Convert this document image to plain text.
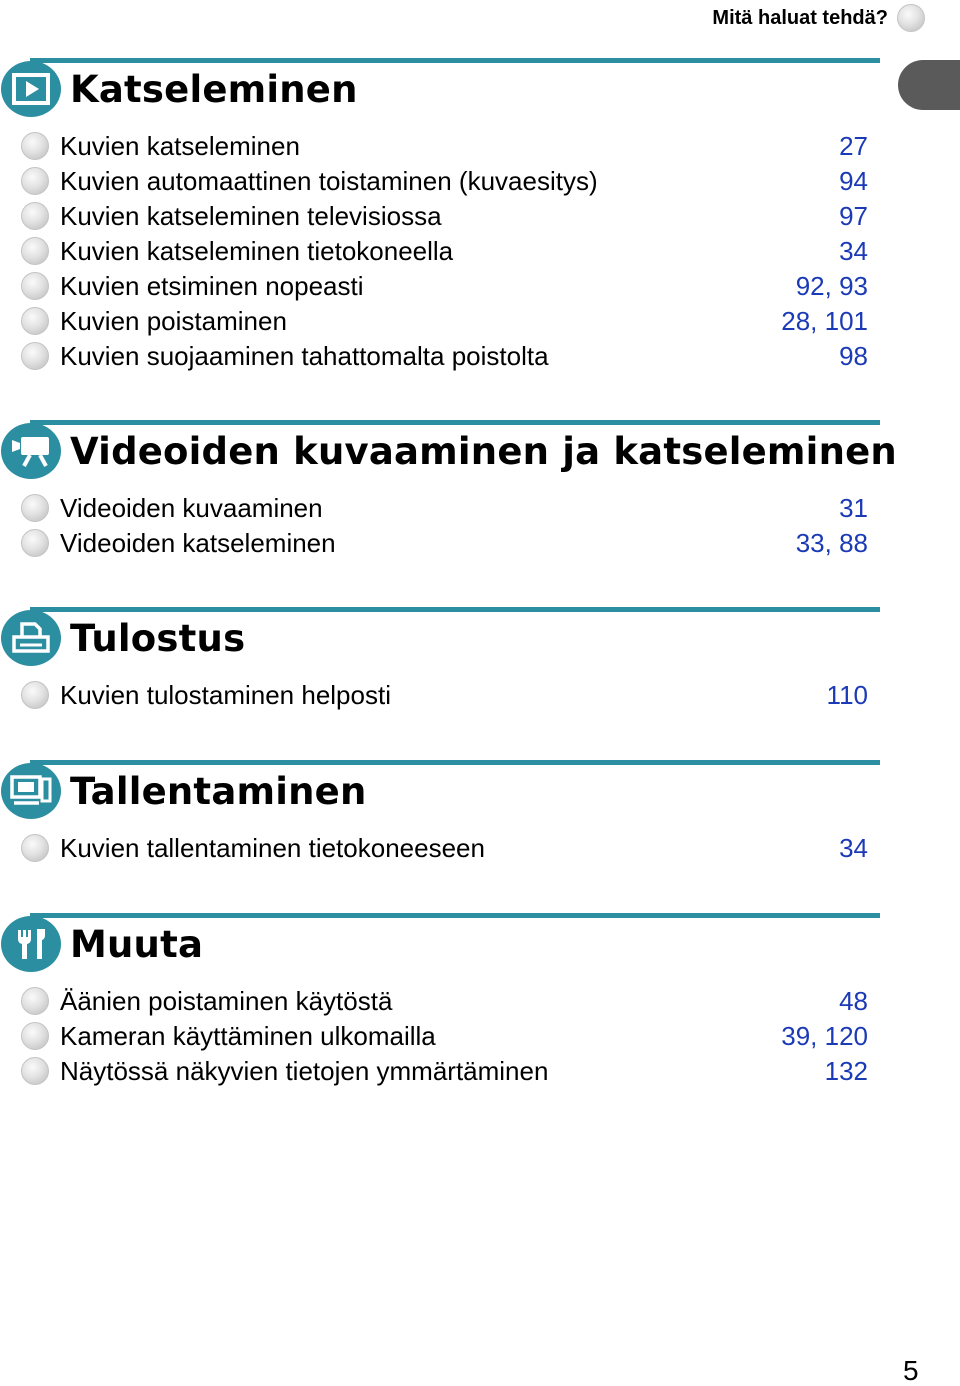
Mitä haluat tehdä?
Katseleminen
Kuvien katseleminen	27
Kuvien automaattinen toistaminen (kuvaesitys)	94
Kuvien katseleminen televisiossa	97
Kuvien katseleminen tietokoneella	34
Kuvien etsiminen nopeasti	92, 93
Kuvien poistaminen	28, 101
Kuvien suojaaminen tahattomalta poistolta	98
Videoiden kuvaaminen ja katseleminen
Videoiden kuvaaminen	31
Videoiden katseleminen	33, 88
Tulostus
Kuvien tulostaminen helposti	110
Tallentaminen
Kuvien tallentaminen tietokoneeseen	34
Muuta
Äänien poistaminen käytöstä	48
Kameran käyttäminen ulkomailla	39, 120
Näytössä näkyvien tietojen ymmärtäminen	132
5
